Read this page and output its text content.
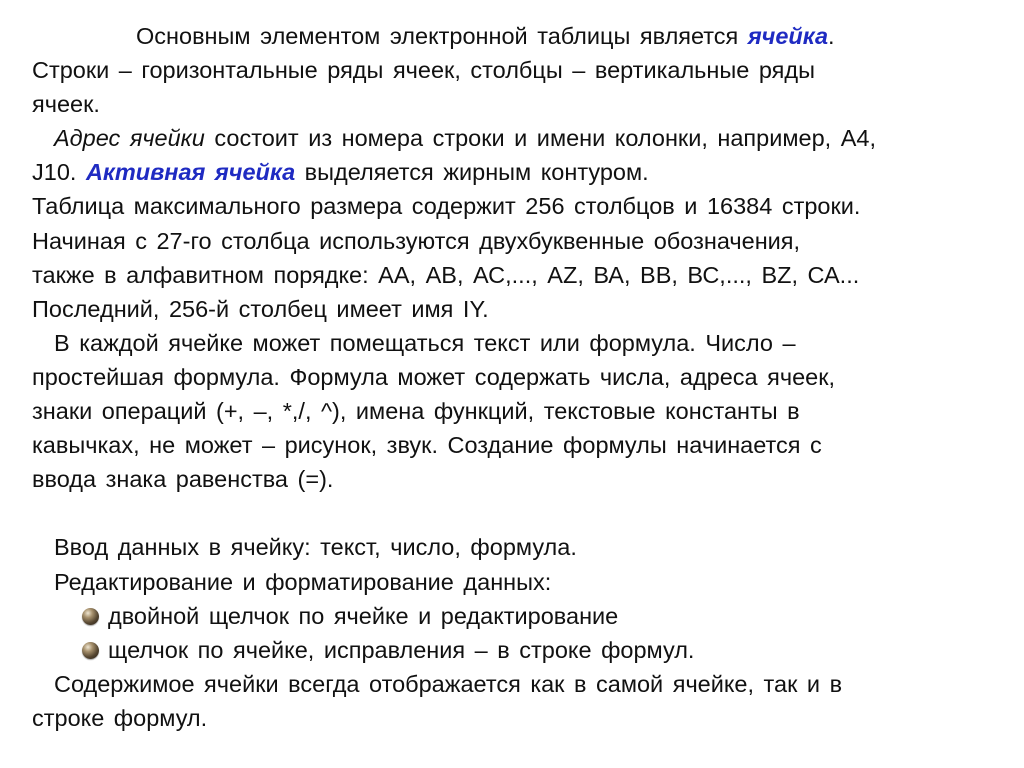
Основным элементом электронной таблицы является ячейка.
Строки – горизонтальные ряды ячеек, столбцы – вертикальные ряды
ячеек.
Адрес ячейки состоит из номера строки и имени колонки, например, А4,
J10. Активная ячейка выделяется жирным контуром.
Таблица максимального размера содержит 256 столбцов и 16384 строки.
Начиная с 27-го столбца используются двухбуквенные обозначения,
также в алфавитном порядке: АА, АВ, АС,..., AZ, ВА, ВВ, ВС,..., BZ, СА...
Последний, 256-й столбец имеет имя IY.
В каждой ячейке может помещаться текст или формула. Число –
простейшая формула. Формула может содержать числа, адреса ячеек,
знаки операций (+, –, *,/, ^), имена функций, текстовые константы в
кавычках, не может – рисунок, звук. Создание формулы начинается с
ввода знака равенства (=).
Ввод данных в ячейку: текст, число, формула.
Редактирование и форматирование данных:
двойной щелчок по ячейке и редактирование
щелчок по ячейке, исправления – в строке формул.
Содержимое ячейки всегда отображается как в самой ячейке, так и в
строке формул.
